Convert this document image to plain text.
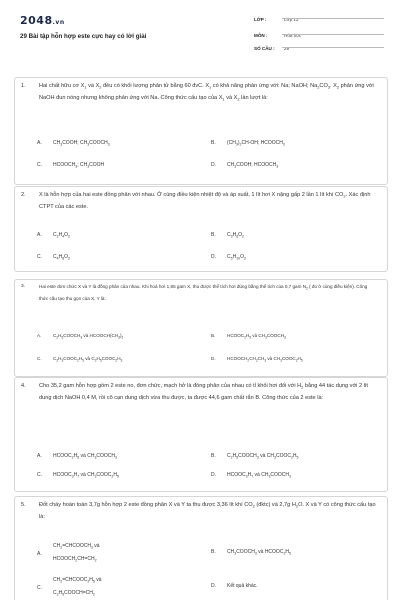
2048.vn
29 Bài tập hỗn hợp este cực hay có lời giải
LỚP :	Lớp 12
MÔN :	Hóa học
SỐ CÂU : 29
1. Hai chất hữu cơ $X_1$ và $X_2$ đều có khối lượng phân tử bằng 60 đvC. $X_1$ có khả năng phản ứng với: Na; NaOH; $Na_2CO_3$. $X_2$ phản ứng với NaOH đun nóng nhưng không phản ứng với Na. Công thức cấu tạo của $X_1$ và $X_2$ lần lượt là:
A. $CH_3COOH$; $CH_3COOCH_3$	B. $(CH_3)_2CH-OH$; $HCOOCH_3$
C. $HCOOCH_3$; $CH_3COOH$	D. $CH_3COOH$; $HCOOCH_3$
2. X là hỗn hợp của hai este đồng phân với nhau. Ở cùng điều kiện nhiệt độ và áp suất, 1 lít hơi X nặng gấp 2 lần 1 lít khí $CO_2$. Xác định CTPT của các este.
A. $C_2H_4O_2$	B. $C_3H_6O_2$
C. $C_4H_8O_2$	D. $C_5H_{10}O_2$
3.	Hai este đơn chức X và Y là đồng phân của nhau. Khi hoá hơi 1,85 gam X, thu được thể tích hơi đúng bằng thể tích của 0,7 gam $N_2$ ( đo ở cùng điều kiện). Công thức cấu tạo thu gọn của X, Y là:
A.	$C_2H_5COOCH_3$ và $HCOOCH(CH_3)_2$	B.	$HCOOC_2H_5$ và $CH_3COOCH_3$
C. $C_2H_3COOC_2H_5$ và $C_2H_5COOC_2H_3$	D. $HCOOCH_2CH_2CH_3$ và $CH_3COOC_2H_5$
4. Cho 35,2 gam hỗn hợp gồm 2 este no, đơn chức, mạch hở là đồng phân của nhau có tỉ khối hơi đối với $H_2$ bằng 44 tác dụng với 2 lít dung dịch NaOH 0,4 M, rồi cô cạn dung dịch vừa thu được, ta được 44,6 gam chất rắn B. Công thức của 2 este là:
A. $HCOOC_2H_5$ và $CH_3COOCH_3$	B. $C_2H_5COOCH_3$ và $CH_3COOC_2H_5$
C. $HCOOC_3H_7$ và $CH_3COOC_2H_5$	D. $HCOOC_3H_7$ và $CH_3COOCH_3$
5. Đốt cháy hoàn toàn 3,7g hỗn hợp 2 este đồng phân X và Y ta thu được 3,36 lít khí $CO_2$ (đktc) và 2,7g $H_2O$. X và Y có công thức cấu tạo là:
$A.CH_2=CHCOOCH_3$ và
$HCOOCH_2CH=CH_2$
B. $CH_3COOCH_3$ và $HCOOC_2H_5$
$C.CH_2=CHCOOC_2H_5$ và
$C_2H_5COOCH=CH_2$
D. Kết quả khác.
